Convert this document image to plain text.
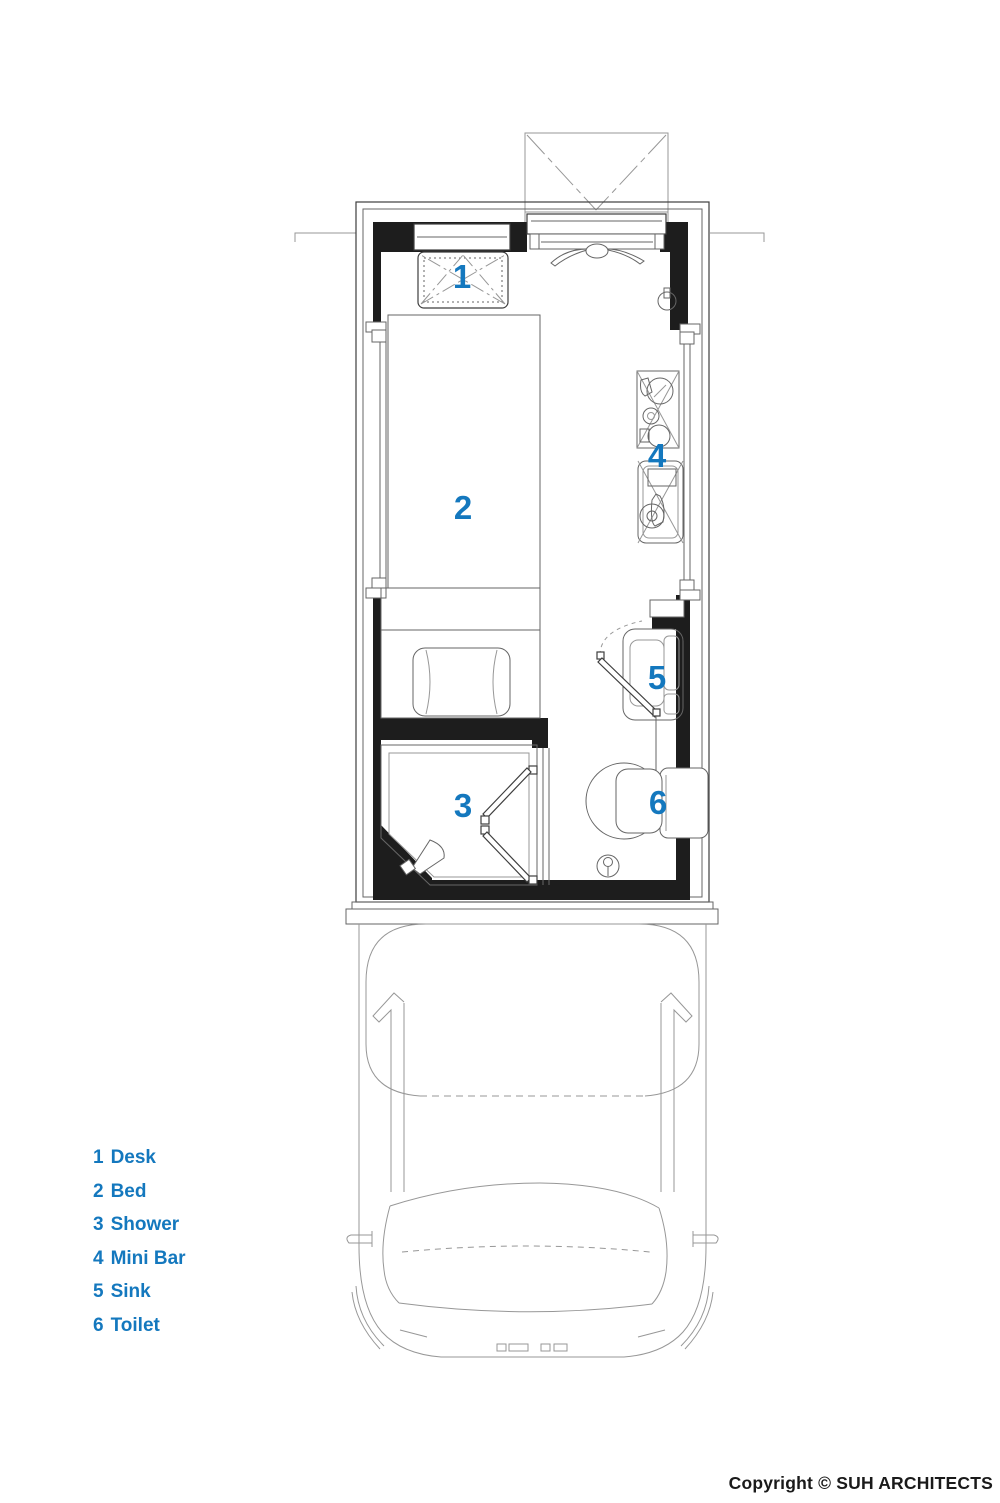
1
2
3
4
5
6
1 Desk
2 Bed
3 Shower
4 Mini Bar
5 Sink
6 Toilet
Copyright © SUH ARCHITECTS
